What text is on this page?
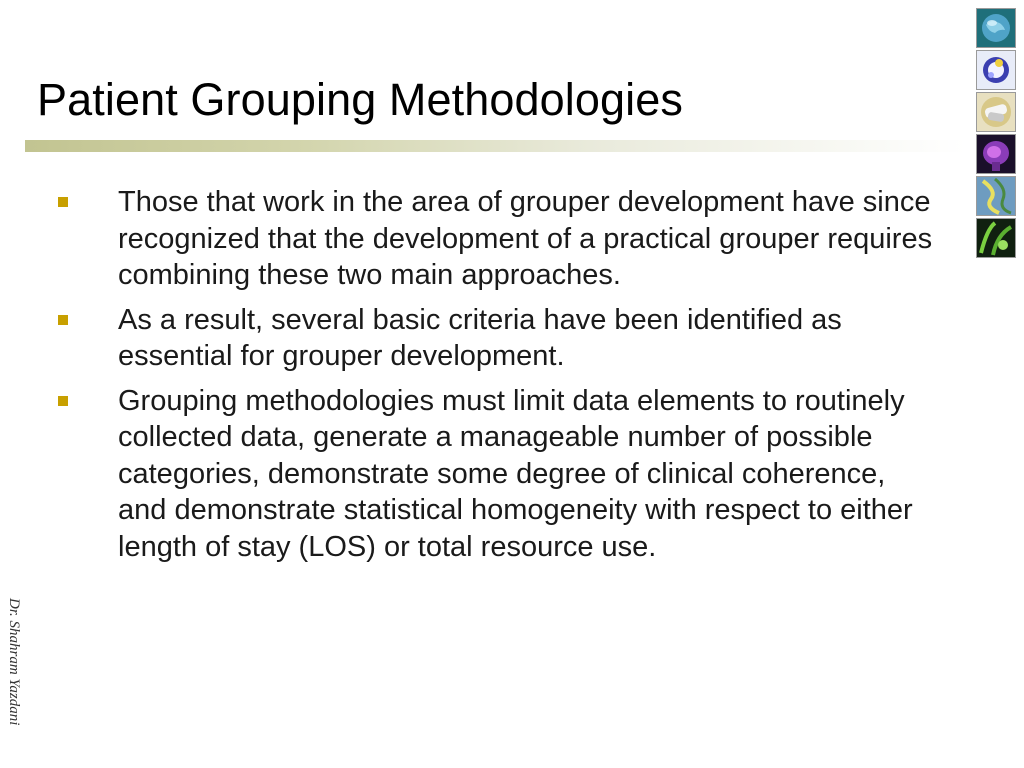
Patient Grouping Methodologies
Those that work in the area of grouper development have since recognized that the development of a practical grouper requires combining these two main approaches.
As a result, several basic criteria have been identified as essential for grouper development.
Grouping methodologies must limit data elements to routinely collected data, generate a manageable number of possible categories, demonstrate some degree of clinical coherence, and demonstrate statistical homogeneity with respect to either length of stay (LOS) or total resource use.
Dr. Shahram Yazdani
